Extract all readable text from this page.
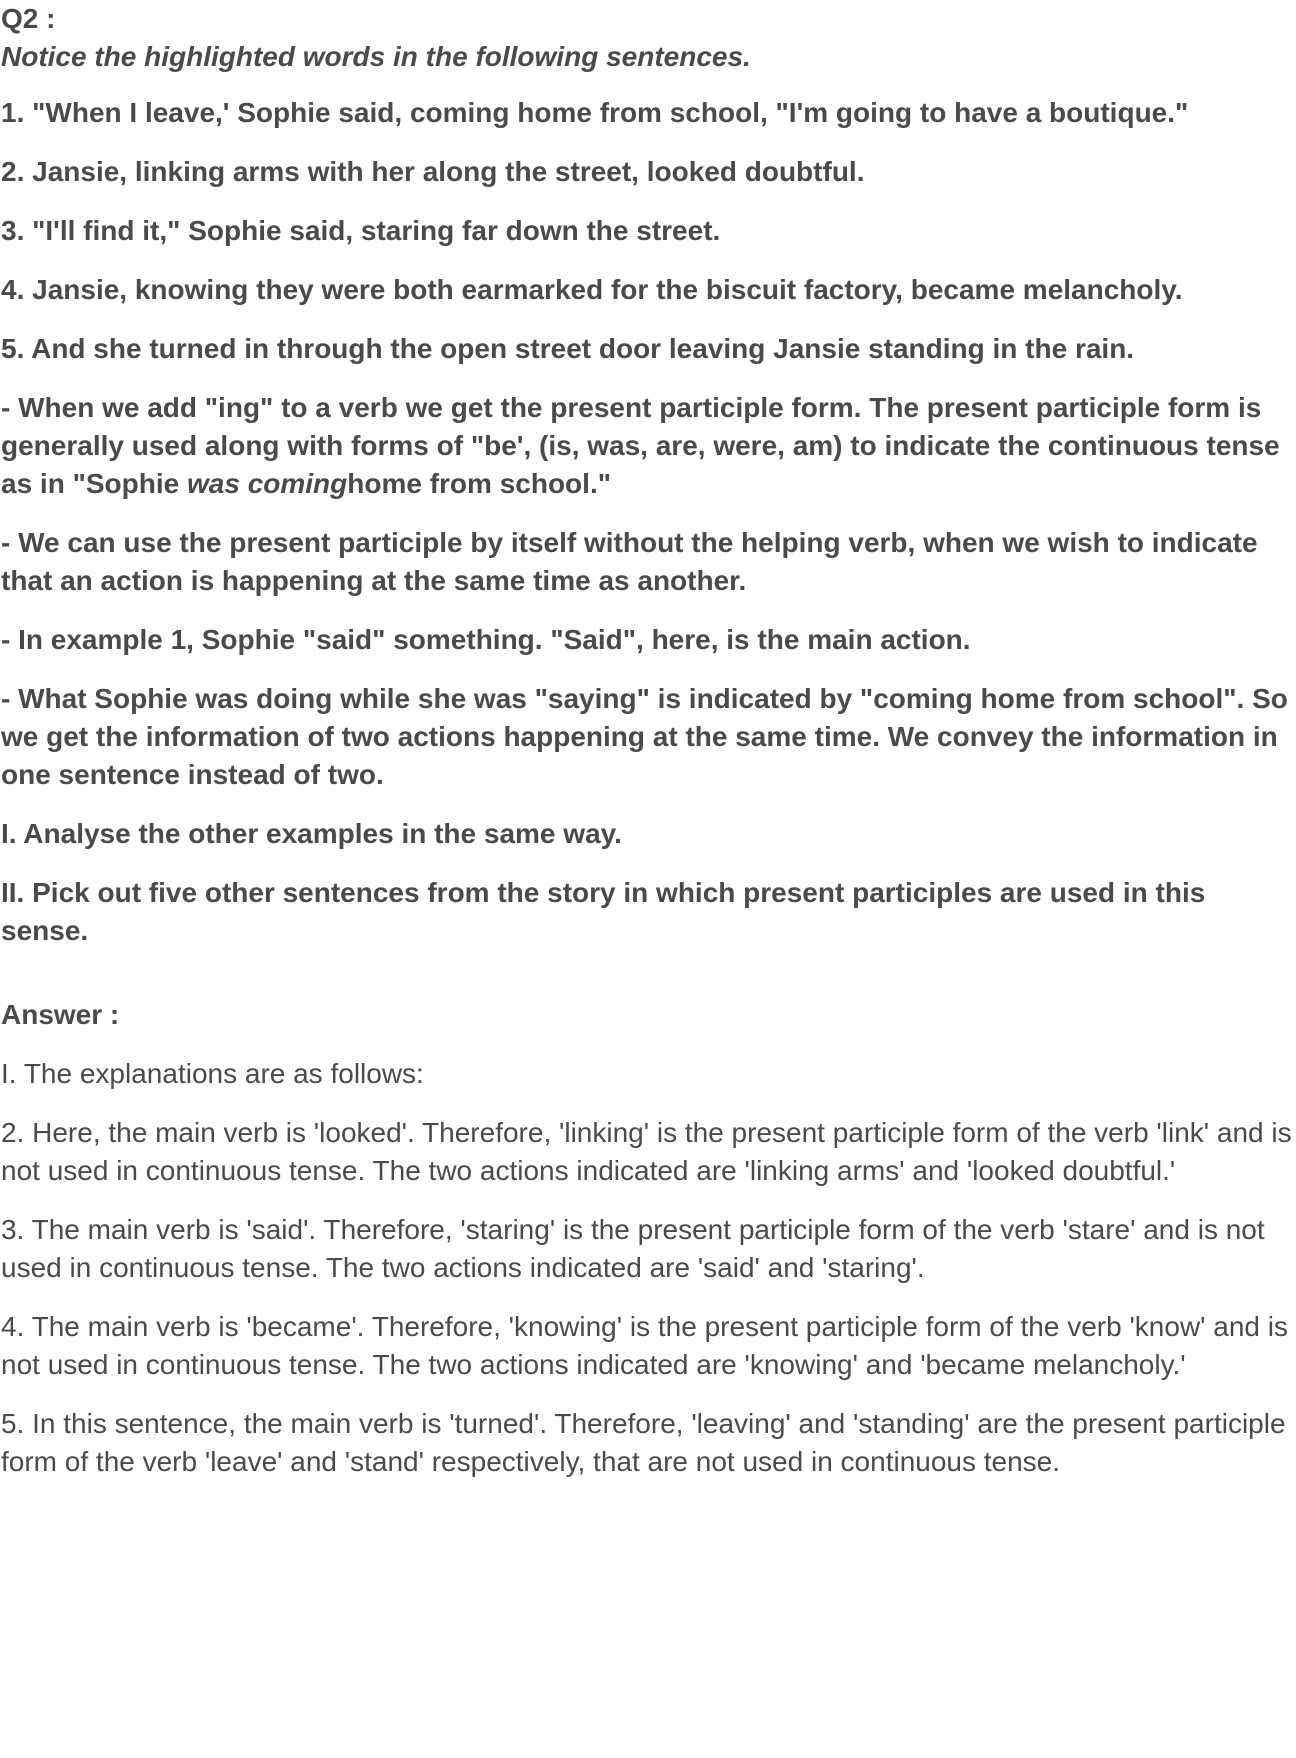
Q2 :

Notice the highlighted words in the following sentences.

1. "When I leave,' Sophie said, coming home from school, "I'm going to have a boutique."

2. Jansie, linking arms with her along the street, looked doubtful.

3. "I'll find it," Sophie said, staring far down the street.

4. Jansie, knowing they were both earmarked for the biscuit factory, became melancholy.

5. And she turned in through the open street door leaving Jansie standing in the rain.

- When we add "ing" to a verb we get the present participle form. The present participle form is generally used along with forms of "be', (is, was, are, were, am) to indicate the continuous tense as in "Sophie was cominghome from school."

- We can use the present participle by itself without the helping verb, when we wish to indicate that an action is happening at the same time as another.

- In example 1, Sophie "said" something. "Said", here, is the main action.

- What Sophie was doing while she was "saying" is indicated by "coming home from school". So we get the information of two actions happening at the same time. We convey the information in one sentence instead of two.

I. Analyse the other examples in the same way.

II. Pick out five other sentences from the story in which present participles are used in this sense.

Answer :

I. The explanations are as follows:

2. Here, the main verb is 'looked'. Therefore, 'linking' is the present participle form of the verb 'link' and is not used in continuous tense. The two actions indicated are 'linking arms' and 'looked doubtful.'

3. The main verb is 'said'. Therefore, 'staring' is the present participle form of the verb 'stare' and is not used in continuous tense. The two actions indicated are 'said' and 'staring'.

4. The main verb is 'became'. Therefore, 'knowing' is the present participle form of the verb 'know' and is not used in continuous tense. The two actions indicated are 'knowing' and 'became melancholy.'

5. In this sentence, the main verb is 'turned'. Therefore, 'leaving' and 'standing' are the present participle form of the verb 'leave' and 'stand' respectively, that are not used in continuous tense.
